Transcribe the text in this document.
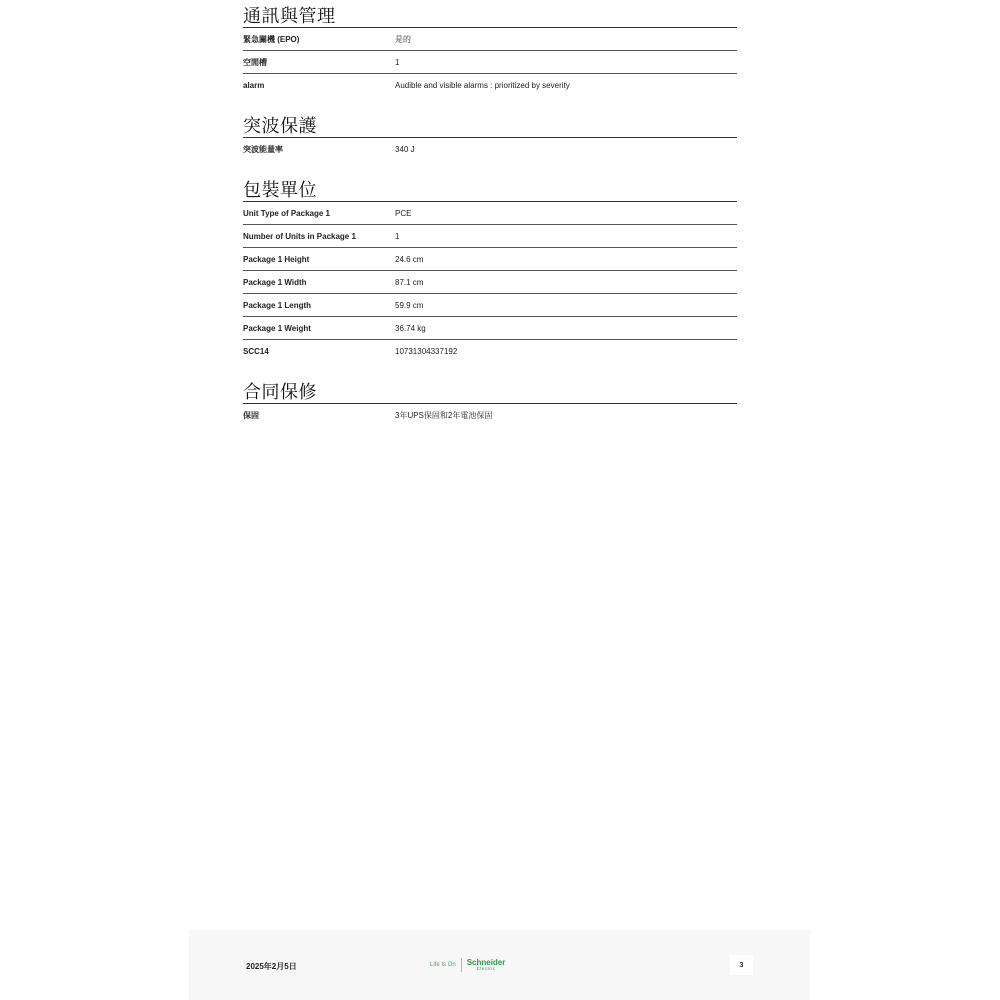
通訊與管理
緊急關機 (EPO)	是的
空閒槽	1
alarm	Audible and visible alarms : prioritized by severity
突波保護
突波能量率	340 J
包裝單位
Unit Type of Package 1	PCE
Number of Units in Package 1	1
Package 1 Height	24.6 cm
Package 1 Width	87.1 cm
Package 1 Length	59.9 cm
Package 1 Weight	36.74 kg
SCC14	10731304337192
合同保修
保固	3年UPS保固和2年電池保固
2025年2月5日	Life Is On	Schneider
Electric	3
